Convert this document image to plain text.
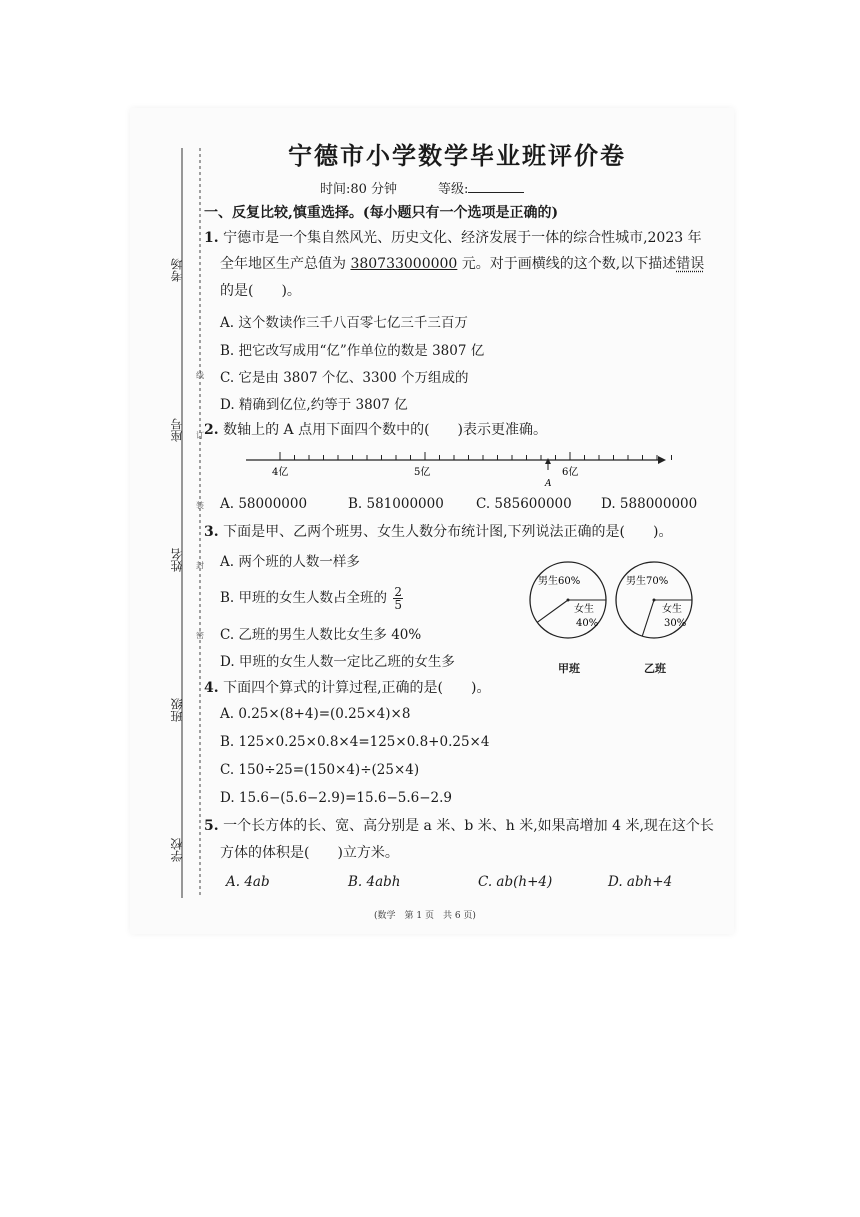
考场
座号
姓名
班级
学校
线
订
装
封
密
宁德市小学数学毕业班评价卷
时间:80 分钟	等级:
一、反复比较,慎重选择。(每小题只有一个选项是正确的)
1. 宁德市是一个集自然风光、历史文化、经济发展于一体的综合性城市,2023 年
全年地区生产总值为 380733000000 元。对于画横线的这个数,以下描述错误
的是(　　)。
A. 这个数读作三千八百零七亿三千三百万
B. 把它改写成用“亿”作单位的数是 3807 亿
C. 它是由 3807 个亿、3300 个万组成的
D. 精确到亿位,约等于 3807 亿
2. 数轴上的 A 点用下面四个数中的(　　)表示更准确。
4亿	5亿	6亿
A
A. 58000000	B. 581000000 C. 585600000 D. 588000000
3. 下面是甲、乙两个班男、女生人数分布统计图,下列说法正确的是(　　)。
A. 两个班的人数一样多
B. 甲班的女生人数占全班的 $\frac{2}{5}$
C. 乙班的男生人数比女生多 40%
D. 甲班的女生人数一定比乙班的女生多
男生60%
女生
40%
男生70%
女生
30%
甲班	乙班
4. 下面四个算式的计算过程,正确的是(　　)。
A. 0.25×(8+4)=(0.25×4)×8
B. 125×0.25×0.8×4=125×0.8+0.25×4
C. 150÷25=(150×4)÷(25×4)
D. 15.6−(5.6−2.9)=15.6−5.6−2.9
5. 一个长方体的长、宽、高分别是 a 米、b 米、h 米,如果高增加 4 米,现在这个长
方体的体积是(　　)立方米。
A. 4ab	B. 4abh	C. ab(h+4)	D. abh+4
(数学　第 1 页　共 6 页)
